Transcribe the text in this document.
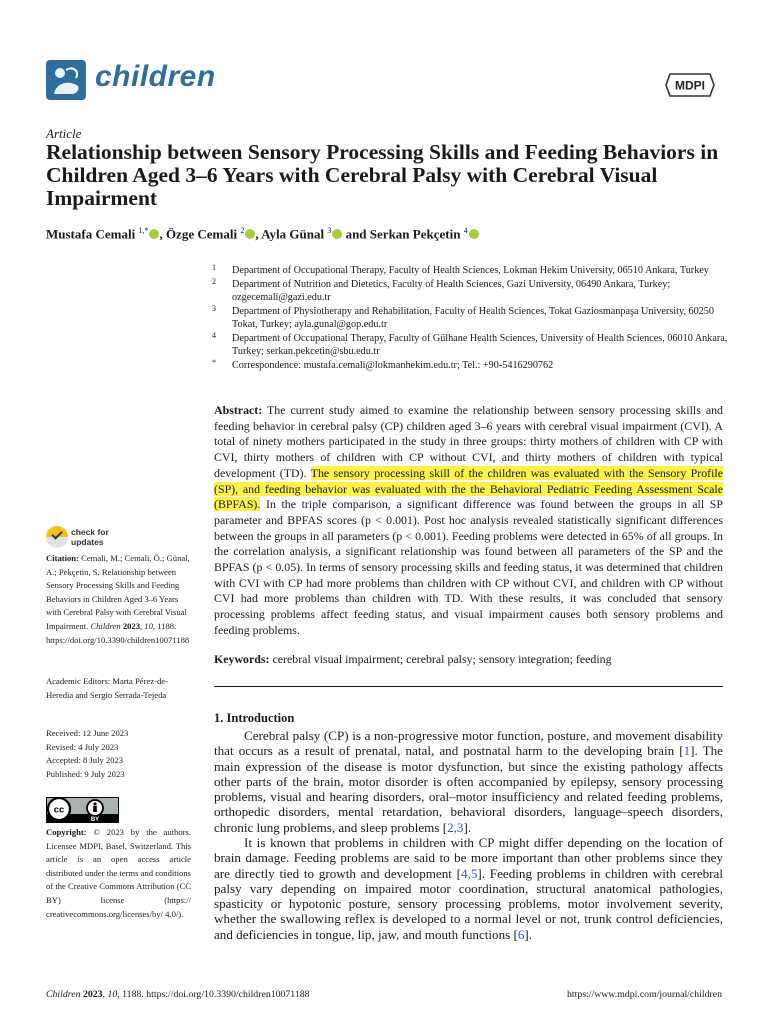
children	MDPI
Article
Relationship between Sensory Processing Skills and Feeding Behaviors in Children Aged 3–6 Years with Cerebral Palsy with Cerebral Visual Impairment
Mustafa Cemali $^{1,*}$ , Özge Cemali $^2$ , Ayla Günal $^3$ and Serkan Pekçetin $^4$
1 Department of Occupational Therapy, Faculty of Health Sciences, Lokman Hekim University, 06510 Ankara, Turkey
2 Department of Nutrition and Dietetics, Faculty of Health Sciences, Gazi University, 06490 Ankara, Turkey; ozgecemali@gazi.edu.tr
3 Department of Physiotherapy and Rehabilitation, Faculty of Health Sciences, Tokat Gaziosmanpaşa University, 60250 Tokat, Turkey; ayla.gunal@gop.edu.tr
4 Department of Occupational Therapy, Faculty of Gülhane Health Sciences, University of Health Sciences, 06010 Ankara, Turkey; serkan.pekcetin@sbu.edu.tr
* Correspondence: mustafa.cemali@lokmanhekim.edu.tr; Tel.: +90-5416290762

Abstract: The current study aimed to examine the relationship between sensory processing skills and feeding behavior in cerebral palsy (CP) children aged 3–6 years with cerebral visual impairment (CVI). A total of ninety mothers participated in the study in three groups: thirty mothers of children with CP with CVI, thirty mothers of children with CP without CVI, and thirty mothers of children with typical development (TD). The sensory processing skill of the children was evaluated with the Sensory Profile (SP), and feeding behavior was evaluated with the the Behavioral Pediatric Feeding Assessment Scale (BPFAS). In the triple comparison, a significant difference was found between the groups in all SP parameter and BPFAS scores (p < 0.001). Post hoc analysis revealed statistically significant differences between the groups in all parameters (p < 0.001). Feeding problems were detected in 65% of all groups. In the correlation analysis, a significant relationship was found between all parameters of the SP and the BPFAS (p < 0.05). In terms of sensory processing skills and feeding status, it was determined that children with CVI with CP had more problems than children with CP without CVI, and children with CP without CVI had more problems than children with TD. With these results, it was concluded that sensory processing problems affect feeding status, and visual impairment causes both sensory problems and feeding problems.

Keywords: cerebral visual impairment; cerebral palsy; sensory integration; feeding

1. Introduction

Cerebral palsy (CP) is a non-progressive motor function, posture, and movement disability that occurs as a result of prenatal, natal, and postnatal harm to the developing brain [1]. The main expression of the disease is motor dysfunction, but since the existing pathology affects other parts of the brain, motor disorder is often accompanied by epilepsy, sensory processing problems, visual and hearing disorders, oral–motor insufficiency and related feeding problems, orthopedic disorders, mental retardation, behavioral disorders, language–speech disorders, chronic lung problems, and sleep problems [2,3].

It is known that problems in children with CP might differ depending on the location of brain damage. Feeding problems are said to be more important than other problems since they are directly tied to growth and development [4,5]. Feeding problems in children with cerebral palsy vary depending on impaired motor coordination, structural anatomical pathologies, spasticity or hypotonic posture, sensory processing problems, motor involvement severity, whether the swallowing reflex is developed to a normal level or not, trunk control deficiencies, and deficiencies in tongue, lip, jaw, and mouth functions [6].

check for
updates

Citation: Cemali, M.; Cemali, Ö.; Günal, A.; Pekçetin, S. Relationship between Sensory Processing Skills and Feeding Behaviors in Children Aged 3–6 Years with Cerebral Palsy with Cerebral Visual Impairment. Children 2023, 10, 1188. https://doi.org/10.3390/children10071188

Academic Editors: Marta Pérez-de-Heredia and Sergio Serrada-Tejeda

Received: 12 June 2023
Revised: 4 July 2023
Accepted: 8 July 2023
Published: 9 July 2023
cc
BY

Copyright: © 2023 by the authors. Licensee MDPI, Basel, Switzerland. This article is an open access article distributed under the terms and conditions of the Creative Commons Attribution (CC BY) license (https:// creativecommons.org/licenses/by/ 4.0/).

Children 2023, 10, 1188. https://doi.org/10.3390/children10071188	https://www.mdpi.com/journal/children
